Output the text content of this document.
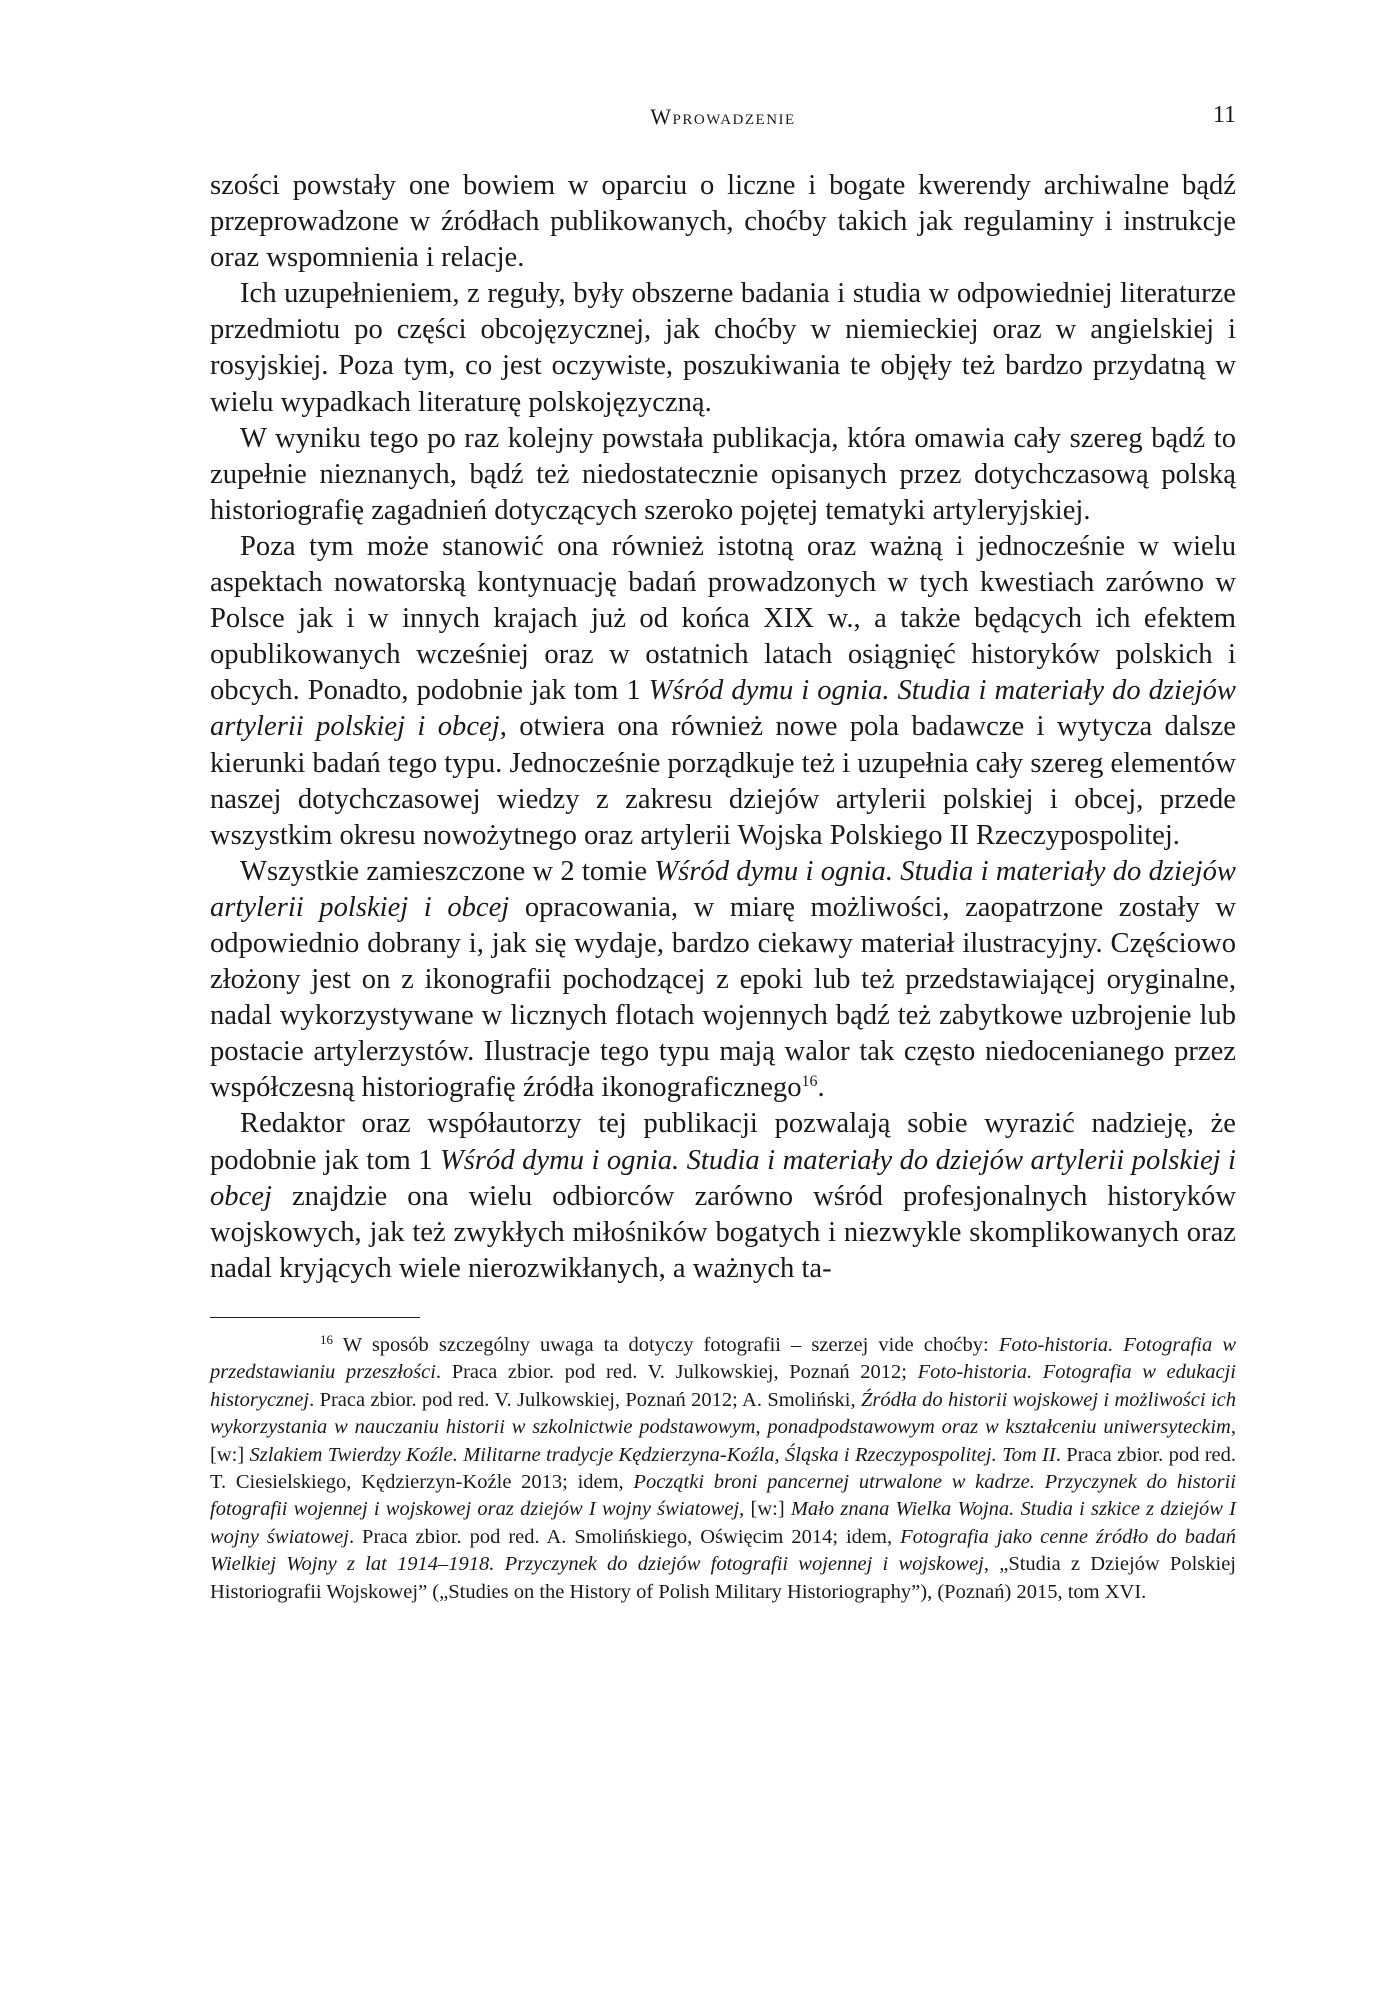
Wprowadzenie	11

szości powstały one bowiem w oparciu o liczne i bogate kwerendy archiwalne bądź przeprowadzone w źródłach publikowanych, choćby takich jak regulaminy i instrukcje oraz wspomnienia i relacje.

Ich uzupełnieniem, z reguły, były obszerne badania i studia w odpowiedniej literaturze przedmiotu po części obcojęzycznej, jak choćby w niemieckiej oraz w angielskiej i rosyjskiej. Poza tym, co jest oczywiste, poszukiwania te objęły też bardzo przydatną w wielu wypadkach literaturę polskojęzyczną.

W wyniku tego po raz kolejny powstała publikacja, która omawia cały szereg bądź to zupełnie nieznanych, bądź też niedostatecznie opisanych przez dotychczasową polską historiografię zagadnień dotyczących szeroko pojętej tematyki artyleryjskiej.

Poza tym może stanowić ona również istotną oraz ważną i jednocześnie w wielu aspektach nowatorską kontynuację badań prowadzonych w tych kwestiach zarówno w Polsce jak i w innych krajach już od końca XIX w., a także będących ich efektem opublikowanych wcześniej oraz w ostatnich latach osiągnięć historyków polskich i obcych. Ponadto, podobnie jak tom 1 Wśród dymu i ognia. Studia i materiały do dziejów artylerii polskiej i obcej, otwiera ona również nowe pola badawcze i wytycza dalsze kierunki badań tego typu. Jednocześnie porządkuje też i uzupełnia cały szereg elementów naszej dotychczasowej wiedzy z zakresu dziejów artylerii polskiej i obcej, przede wszystkim okresu nowożytnego oraz artylerii Wojska Polskiego II Rzeczypospolitej.

Wszystkie zamieszczone w 2 tomie Wśród dymu i ognia. Studia i materiały do dziejów artylerii polskiej i obcej opracowania, w miarę możliwości, zaopatrzone zostały w odpowiednio dobrany i, jak się wydaje, bardzo ciekawy materiał ilustracyjny. Częściowo złożony jest on z ikonografii pochodzącej z epoki lub też przedstawiającej oryginalne, nadal wykorzystywane w licznych flotach wojennych bądź też zabytkowe uzbrojenie lub postacie artylerzystów. Ilustracje tego typu mają walor tak często niedocenianego przez współczesną historiografię źródła ikonograficznego$^{16}$.

Redaktor oraz współautorzy tej publikacji pozwalają sobie wyrazić nadzieję, że podobnie jak tom 1 Wśród dymu i ognia. Studia i materiały do dziejów artylerii polskiej i obcej znajdzie ona wielu odbiorców zarówno wśród profesjonalnych historyków wojskowych, jak też zwykłych miłośników bogatych i niezwykle skomplikowanych oraz nadal kryjących wiele nierozwikłanych, a ważnych ta-

$^{16}$ W sposób szczególny uwaga ta dotyczy fotografii – szerzej vide choćby: Foto-historia. Fotografia w przedstawianiu przeszłości. Praca zbior. pod red. V. Julkowskiej, Poznań 2012; Foto-historia. Fotografia w edukacji historycznej. Praca zbior. pod red. V. Julkowskiej, Poznań 2012; A. Smoliński, Źródła do historii wojskowej i możliwości ich wykorzystania w nauczaniu historii w szkolnictwie podstawowym, ponadpodstawowym oraz w kształceniu uniwersyteckim, [w:] Szlakiem Twierdzy Koźle. Militarne tradycje Kędzierzyna-Koźla, Śląska i Rzeczypospolitej. Tom II. Praca zbior. pod red. T. Ciesielskiego, Kędzierzyn-Koźle 2013; idem, Początki broni pancernej utrwalone w kadrze. Przyczynek do historii fotografii wojennej i wojskowej oraz dziejów I wojny światowej, [w:] Mało znana Wielka Wojna. Studia i szkice z dziejów I wojny światowej. Praca zbior. pod red. A. Smolińskiego, Oświęcim 2014; idem, Fotografia jako cenne źródło do badań Wielkiej Wojny z lat 1914–1918. Przyczynek do dziejów fotografii wojennej i wojskowej, „Studia z Dziejów Polskiej Historiografii Wojskowej” („Studies on the History of Polish Military Historiography”), (Poznań) 2015, tom XVI.
